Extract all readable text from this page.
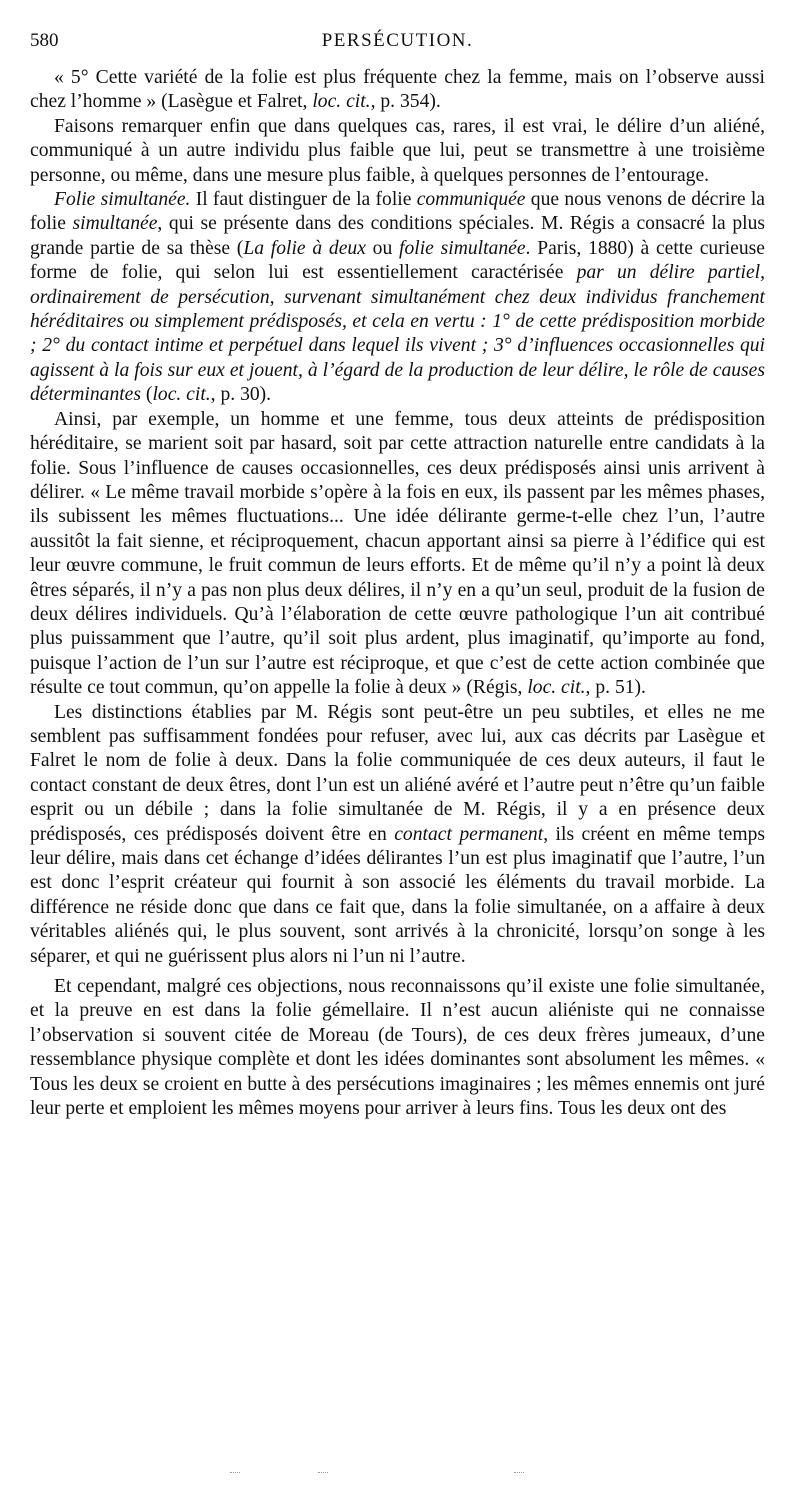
580	PERSÉCUTION.

« 5° Cette variété de la folie est plus fréquente chez la femme, mais on l’observe aussi chez l’homme » (Lasègue et Falret, loc. cit., p. 354).

Faisons remarquer enfin que dans quelques cas, rares, il est vrai, le délire d’un aliéné, communiqué à un autre individu plus faible que lui, peut se transmettre à une troisième personne, ou même, dans une mesure plus faible, à quelques personnes de l’entourage.

Folie simultanée. Il faut distinguer de la folie communiquée que nous venons de décrire la folie simultanée, qui se présente dans des conditions spéciales. M. Régis a consacré la plus grande partie de sa thèse (La folie à deux ou folie simultanée. Paris, 1880) à cette curieuse forme de folie, qui selon lui est essentiellement caractérisée par un délire partiel, ordinairement de persécution, survenant simultanément chez deux individus franchement héréditaires ou simplement prédisposés, et cela en vertu : 1° de cette prédisposition morbide ; 2° du contact intime et perpétuel dans lequel ils vivent ; 3° d’influences occasionnelles qui agissent à la fois sur eux et jouent, à l’égard de la production de leur délire, le rôle de causes déterminantes (loc. cit., p. 30).

Ainsi, par exemple, un homme et une femme, tous deux atteints de prédisposition héréditaire, se marient soit par hasard, soit par cette attraction naturelle entre candidats à la folie. Sous l’influence de causes occasionnelles, ces deux prédisposés ainsi unis arrivent à délirer. « Le même travail morbide s’opère à la fois en eux, ils passent par les mêmes phases, ils subissent les mêmes fluctuations... Une idée délirante germe-t-elle chez l’un, l’autre aussitôt la fait sienne, et réciproquement, chacun apportant ainsi sa pierre à l’édifice qui est leur œuvre commune, le fruit commun de leurs efforts. Et de même qu’il n’y a point là deux êtres séparés, il n’y a pas non plus deux délires, il n’y en a qu’un seul, produit de la fusion de deux délires individuels. Qu’à l’élaboration de cette œuvre pathologique l’un ait contribué plus puissamment que l’autre, qu’il soit plus ardent, plus imaginatif, qu’importe au fond, puisque l’action de l’un sur l’autre est réciproque, et que c’est de cette action combinée que résulte ce tout commun, qu’on appelle la folie à deux » (Régis, loc. cit., p. 51).

Les distinctions établies par M. Régis sont peut-être un peu subtiles, et elles ne me semblent pas suffisamment fondées pour refuser, avec lui, aux cas décrits par Lasègue et Falret le nom de folie à deux. Dans la folie communiquée de ces deux auteurs, il faut le contact constant de deux êtres, dont l’un est un aliéné avéré et l’autre peut n’être qu’un faible esprit ou un débile ; dans la folie simultanée de M. Régis, il y a en présence deux prédisposés, ces prédisposés doivent être en contact permanent, ils créent en même temps leur délire, mais dans cet échange d’idées délirantes l’un est plus imaginatif que l’autre, l’un est donc l’esprit créateur qui fournit à son associé les éléments du travail morbide. La différence ne réside donc que dans ce fait que, dans la folie simultanée, on a affaire à deux véritables aliénés qui, le plus souvent, sont arrivés à la chronicité, lorsqu’on songe à les séparer, et qui ne guérissent plus alors ni l’un ni l’autre.

Et cependant, malgré ces objections, nous reconnaissons qu’il existe une folie simultanée, et la preuve en est dans la folie gémellaire. Il n’est aucun aliéniste qui ne connaisse l’observation si souvent citée de Moreau (de Tours), de ces deux frères jumeaux, d’une ressemblance physique complète et dont les idées dominantes sont absolument les mêmes. « Tous les deux se croient en butte à des persécutions imaginaires ; les mêmes ennemis ont juré leur perte et emploient les mêmes moyens pour arriver à leurs fins. Tous les deux ont des
